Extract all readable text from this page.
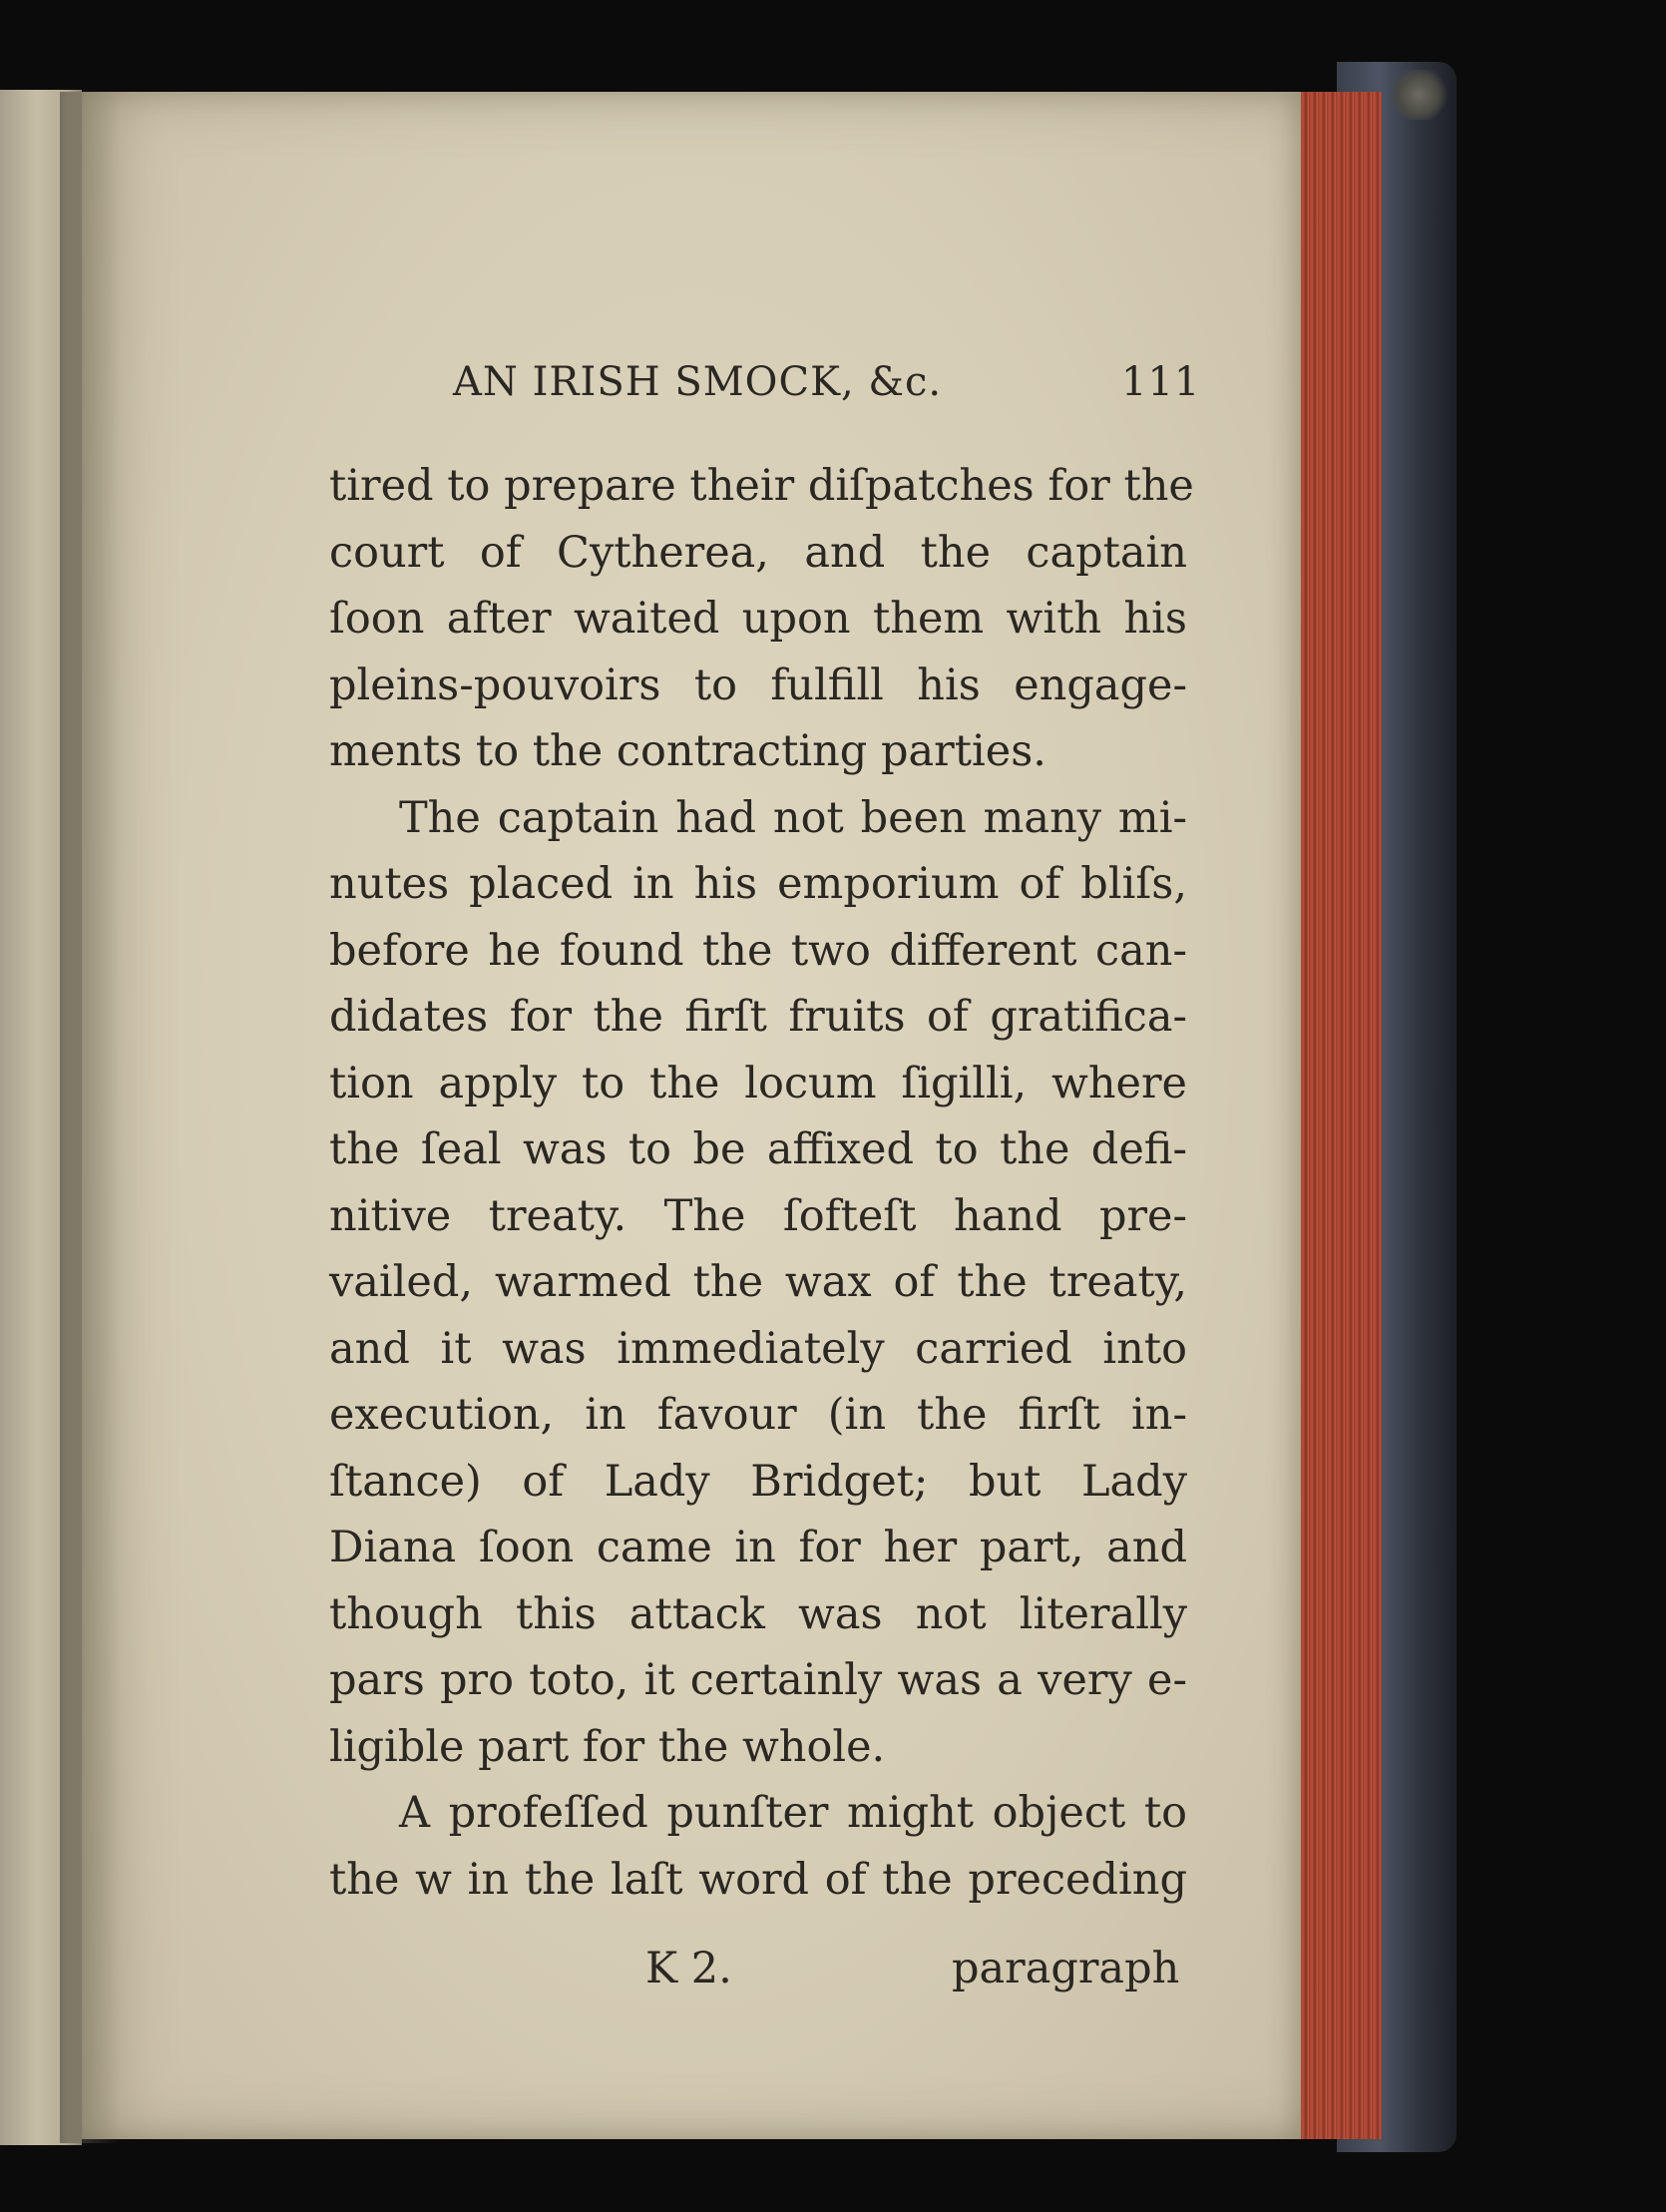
AN IRISH SMOCK, &c.	111
tired to prepare their diſpatches for the
court of Cytherea, and the captain
ſoon after waited upon them with his
pleins-pouvoirs to fulfill his engage-
ments to the contracting parties.
The captain had not been many mi-
nutes placed in his emporium of bliſs,
before he found the two different can-
didates for the firſt fruits of gratifica-
tion apply to the locum ſigilli, where
the ſeal was to be affixed to the defi-
nitive treaty. The ſofteſt hand pre-
vailed, warmed the wax of the treaty,
and it was immediately carried into
execution, in favour (in the firſt in-
ſtance) of Lady Bridget; but Lady
Diana ſoon came in for her part, and
though this attack was not literally
pars pro toto, it certainly was a very e-
ligible part for the whole.
A profeſſed punſter might object to
the w in the laſt word of the preceding
K 2.	paragraph
